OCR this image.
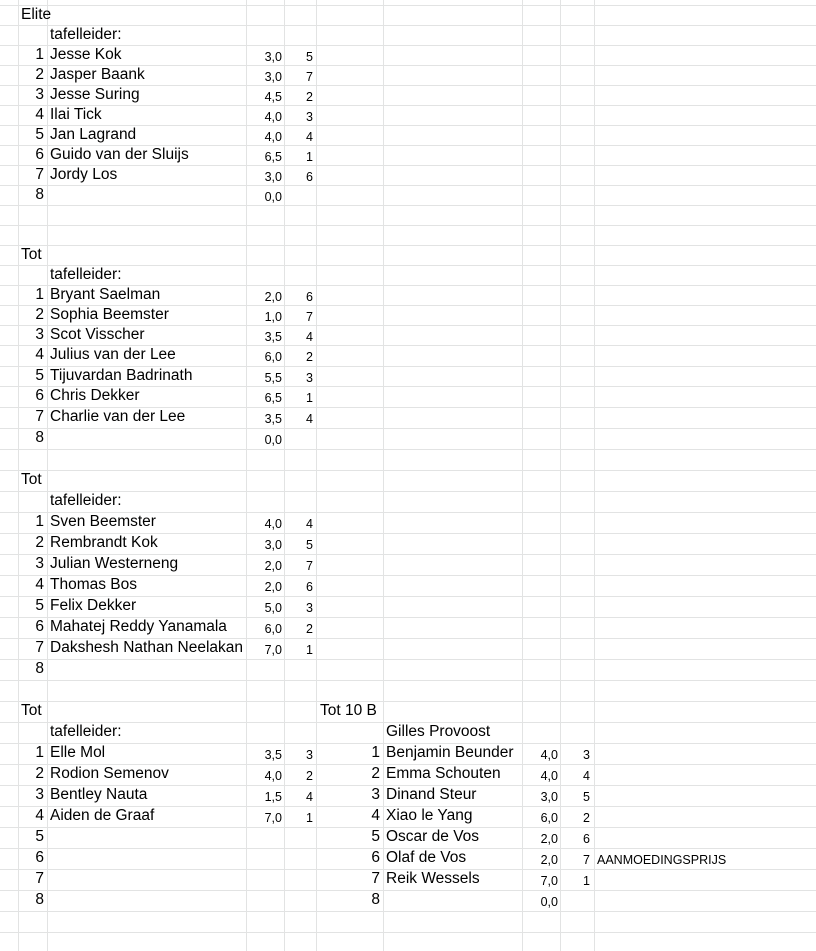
Elite
tafelleider:
1 Jesse Kok	3,0	5
2 Jasper Baank	3,0	7
3 Jesse Suring	4,5	2
4 Ilai Tick	4,0	3
5 Jan Lagrand	4,0	4
6 Guido van der Sluijs	6,5	1
7 Jordy Los	3,0	6
8	0,0
Tot
tafelleider:
1 Bryant Saelman	2,0	6
2 Sophia Beemster	1,0	7
3 Scot Visscher	3,5	4
4 Julius van der Lee	6,0	2
5 Tijuvardan Badrinath	5,5	3
6 Chris Dekker	6,5	1
7 Charlie van der Lee	3,5	4
8	0,0
Tot
tafelleider:
1 Sven Beemster	4,0	4
2 Rembrandt Kok	3,0	5
3 Julian Westerneng	2,0	7
4 Thomas Bos	2,0	6
5 Felix Dekker	5,0	3
6 Mahatej Reddy Yanamala	6,0	2
7 Dakshesh Nathan Neelakan	7,0	1
8
Tot
tafelleider:
1 Elle Mol	3,5	3
2 Rodion Semenov	4,0	2
3 Bentley Nauta	1,5	4
4 Aiden de Graaf	7,0	1
5
6
7
8
Tot 10 B
Gilles Provoost
1 Benjamin Beunder	4,0	3
2 Emma Schouten	4,0	4
3 Dinand Steur	3,0	5
4 Xiao le Yang	6,0	2
5 Oscar de Vos	2,0	6
6 Olaf de Vos	2,0	7 AANMOEDINGSPRIJS
7 Reik Wessels	7,0	1
8	0,0
